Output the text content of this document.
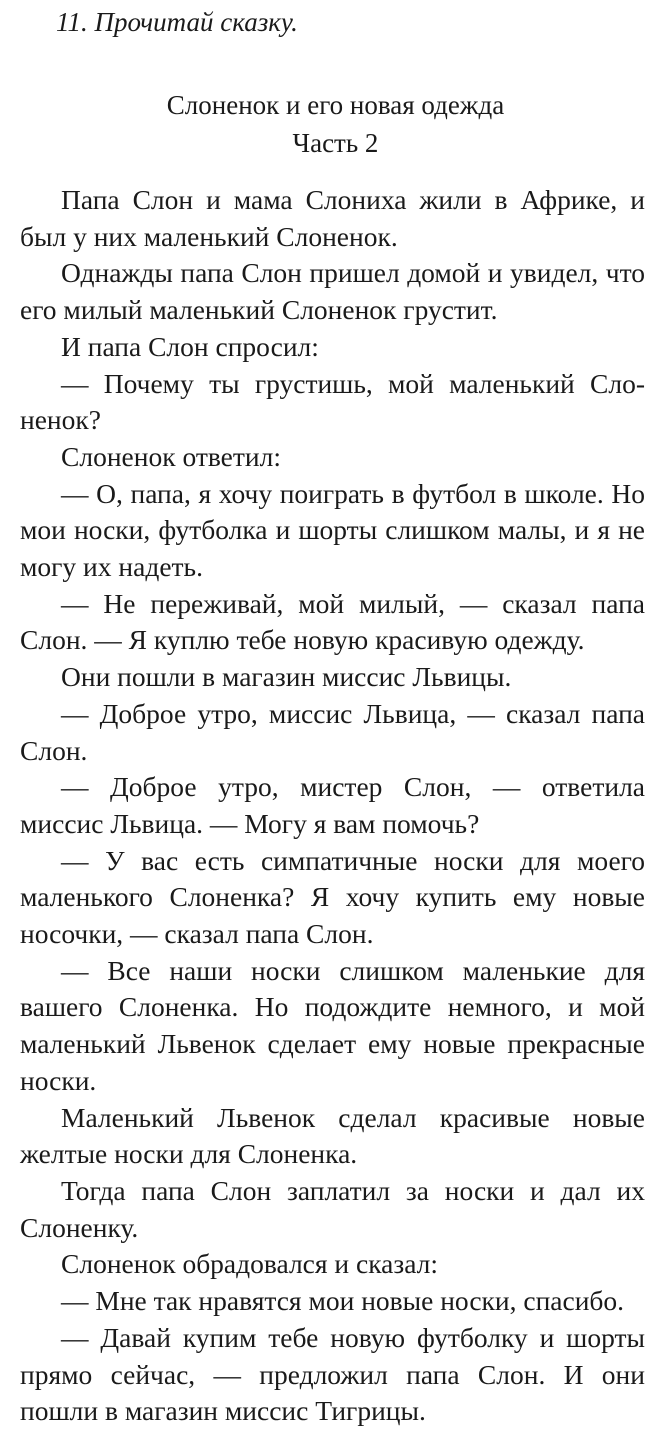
11. Прочитай сказку.
Слоненок и его новая одежда
Часть 2

Папа Слон и мама Слониха жили в Африке, и был у них маленький Слоненок.

Однажды папа Слон пришел домой и увидел, что его милый маленький Слоненок грустит.

И папа Слон спросил:

— Почему ты грустишь, мой маленький Слоненок?

Слоненок ответил:

— О, папа, я хочу поиграть в футбол в школе. Но мои носки, футболка и шорты слишком малы, и я не могу их надеть.

— Не переживай, мой милый, — сказал папа Слон. — Я куплю тебе новую красивую одежду.

Они пошли в магазин миссис Львицы.

— Доброе утро, миссис Львица, — сказал папа Слон.

— Доброе утро, мистер Слон, — ответила миссис Львица. — Могу я вам помочь?

— У вас есть симпатичные носки для моего маленького Слоненка? Я хочу купить ему новые носочки, — сказал папа Слон.

— Все наши носки слишком маленькие для вашего Слоненка. Но подождите немного, и мой маленький Львенок сделает ему новые прекрасные носки.

Маленький Львенок сделал красивые новые желтые носки для Слоненка.

Тогда папа Слон заплатил за носки и дал их Слоненку.

Слоненок обрадовался и сказал:

— Мне так нравятся мои новые носки, спасибо.

— Давай купим тебе новую футболку и шорты прямо сейчас, — предложил папа Слон. И они пошли в магазин миссис Тигрицы.
